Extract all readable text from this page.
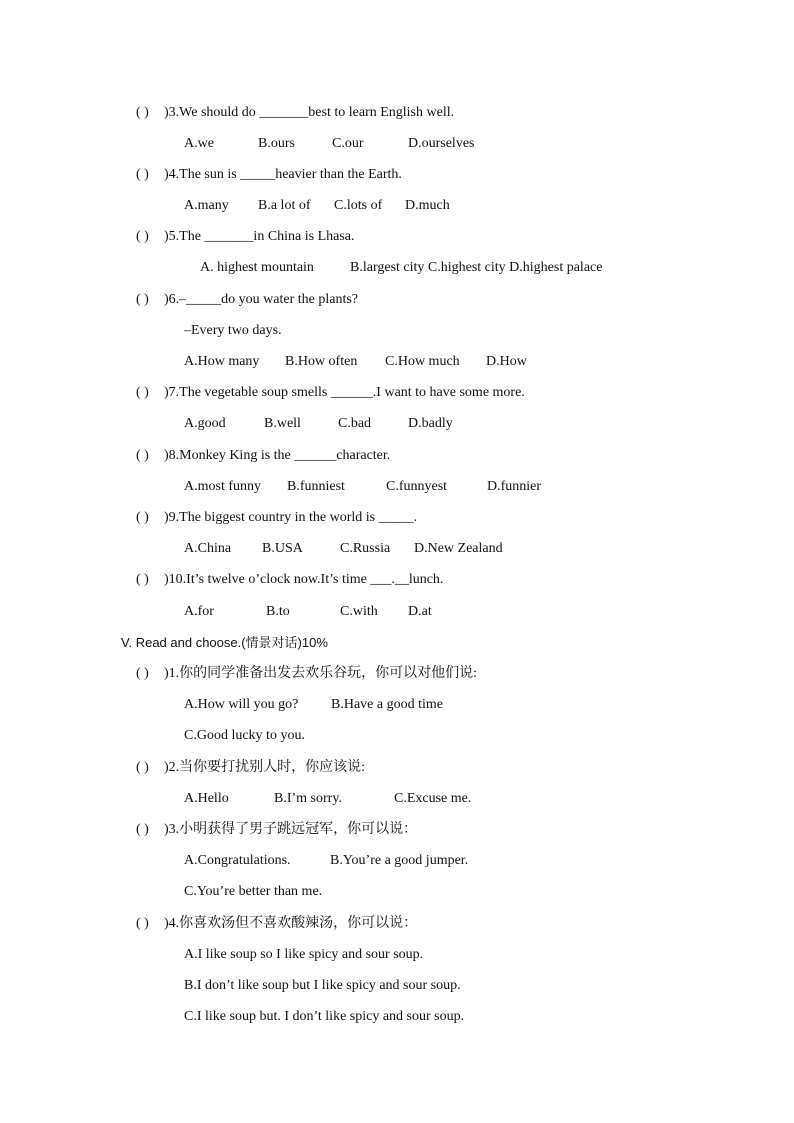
( ) )3.We should do _______best to learn English well.
A.we	B.ours	C.our	D.ourselves
( ) )4.The sun is _____heavier than the Earth.
A.many B.a lot of C.lots of D.much
( ) )5.The _______in China is Lhasa.
A. highest mountain	B.largest city C.highest city D.highest palace
( ) )6.–_____do you water the plants?
–Every two days.
A.How many B.How often C.How much D.How
( ) )7.The vegetable soup smells ______.I want to have some more.
A.good	B.well	C.bad	D.badly
( ) )8.Monkey King is the ______character.
A.most funny B.funniest	C.funnyest	D.funnier
( ) )9.The biggest country in the world is _____.
A.China B.USA	C.Russia D.New Zealand
( ) )10.It’s twelve o’clock now.It’s time ___.__lunch.
A.for	B.to	C.with D.at
V. Read and choose.(情景对话)10%
( ) )1.你的同学准备出发去欢乐谷玩，你可以对他们说:
A.How will you go? B.Have a good time
C.Good lucky to you.
( ) )2.当你要打扰别人时，你应该说:
A.Hello	B.I’m sorry.	C.Excuse me.
( ) )3.小明获得了男子跳远冠军，你可以说：
A.Congratulations.	B.You’re a good jumper.
C.You’re better than me.
( ) )4.你喜欢汤但不喜欢酸辣汤，你可以说：
A.I like soup so I like spicy and sour soup.
B.I don’t like soup but I like spicy and sour soup.
C.I like soup but. I don’t like spicy and sour soup.
